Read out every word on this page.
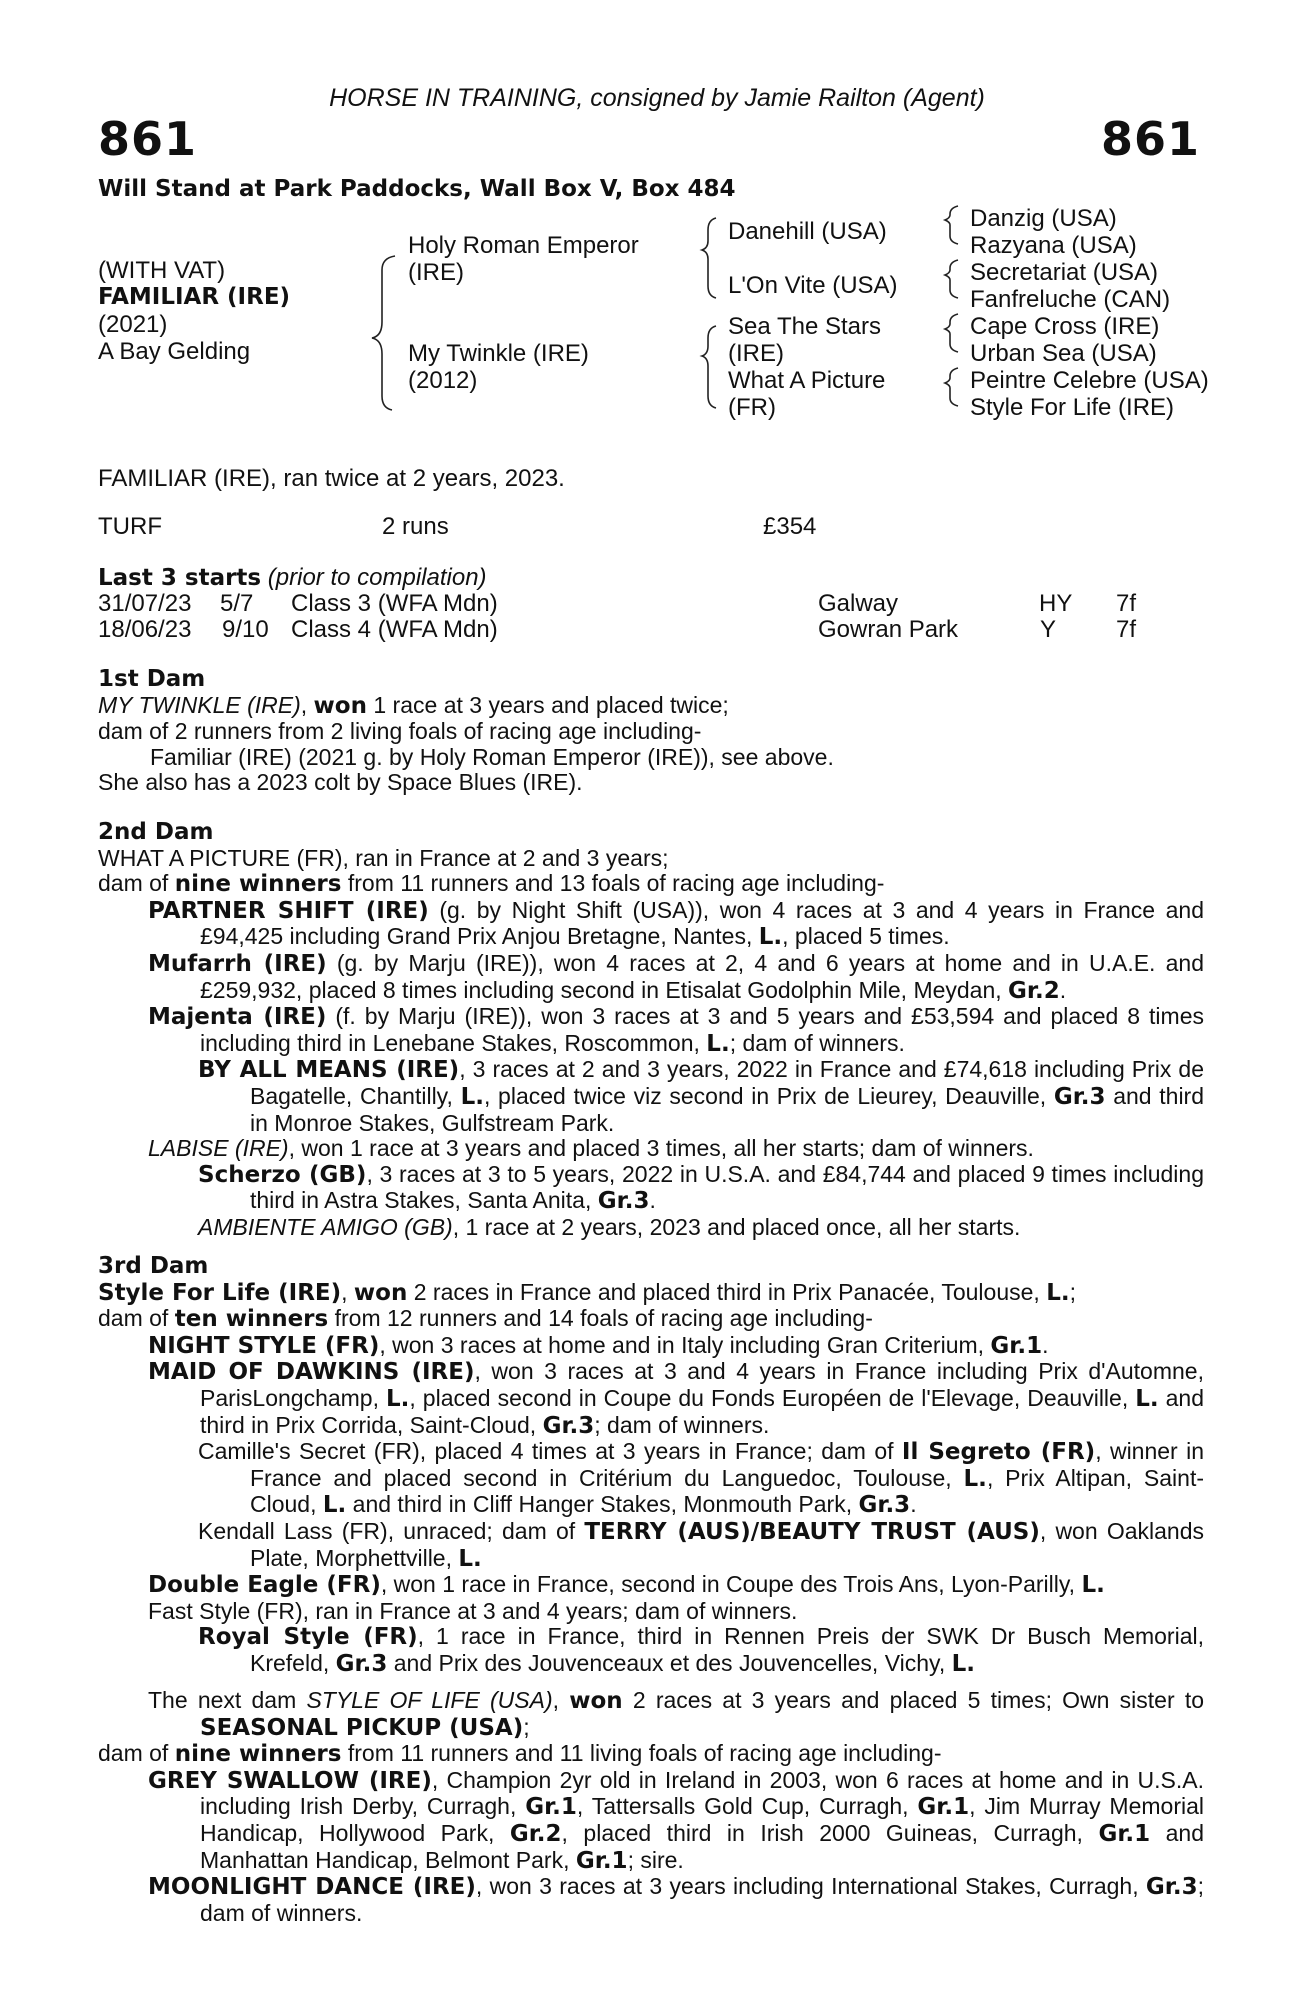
HORSE IN TRAINING, consigned by Jamie Railton (Agent)
861	861
Will Stand at Park Paddocks, Wall Box V, Box 484
(WITH VAT)
FAMILIAR (IRE)
(2021)
A Bay Gelding
Holy Roman Emperor
(IRE)
My Twinkle (IRE)
(2012)
Danehill (USA)
L'On Vite (USA)
Sea The Stars
(IRE)
What A Picture
(FR)
Danzig (USA)
Razyana (USA)
Secretariat (USA)
Fanfreluche (CAN)
Cape Cross (IRE)
Urban Sea (USA)
Peintre Celebre (USA)
Style For Life (IRE)
FAMILIAR (IRE), ran twice at 2 years, 2023.
TURF	2 runs	£354
Last 3 starts (prior to compilation)
31/07/23 5/7 Class 3 (WFA Mdn)	Galway	HY 7f
18/06/23 9/10 Class 4 (WFA Mdn)	Gowran Park	Y 7f

1st Dam

MY TWINKLE (IRE), won 1 race at 3 years and placed twice;

dam of 2 runners from 2 living foals of racing age including-

Familiar (IRE) (2021 g. by Holy Roman Emperor (IRE)), see above.

She also has a 2023 colt by Space Blues (IRE).

2nd Dam

WHAT A PICTURE (FR), ran in France at 2 and 3 years;

dam of nine winners from 11 runners and 13 foals of racing age including-

PARTNER SHIFT (IRE) (g. by Night Shift (USA)), won 4 races at 3 and 4 years in France and £94,425 including Grand Prix Anjou Bretagne, Nantes, L., placed 5 times.

Mufarrh (IRE) (g. by Marju (IRE)), won 4 races at 2, 4 and 6 years at home and in U.A.E. and £259,932, placed 8 times including second in Etisalat Godolphin Mile, Meydan, Gr.2.

Majenta (IRE) (f. by Marju (IRE)), won 3 races at 3 and 5 years and £53,594 and placed 8 times including third in Lenebane Stakes, Roscommon, L.; dam of winners.

BY ALL MEANS (IRE), 3 races at 2 and 3 years, 2022 in France and £74,618 including Prix de Bagatelle, Chantilly, L., placed twice viz second in Prix de Lieurey, Deauville, Gr.3 and third in Monroe Stakes, Gulfstream Park.

LABISE (IRE), won 1 race at 3 years and placed 3 times, all her starts; dam of winners.

Scherzo (GB), 3 races at 3 to 5 years, 2022 in U.S.A. and £84,744 and placed 9 times including third in Astra Stakes, Santa Anita, Gr.3.

AMBIENTE AMIGO (GB), 1 race at 2 years, 2023 and placed once, all her starts.

3rd Dam

Style For Life (IRE), won 2 races in France and placed third in Prix Panacée, Toulouse, L.;

dam of ten winners from 12 runners and 14 foals of racing age including-

NIGHT STYLE (FR), won 3 races at home and in Italy including Gran Criterium, Gr.1.

MAID OF DAWKINS (IRE), won 3 races at 3 and 4 years in France including Prix d'Automne, ParisLongchamp, L., placed second in Coupe du Fonds Européen de l'Elevage, Deauville, L. and third in Prix Corrida, Saint-Cloud, Gr.3; dam of winners.

Camille's Secret (FR), placed 4 times at 3 years in France; dam of Il Segreto (FR), winner in France and placed second in Critérium du Languedoc, Toulouse, L., Prix Altipan, Saint-Cloud, L. and third in Cliff Hanger Stakes, Monmouth Park, Gr.3.

Kendall Lass (FR), unraced; dam of TERRY (AUS)/BEAUTY TRUST (AUS), won Oaklands Plate, Morphettville, L.

Double Eagle (FR), won 1 race in France, second in Coupe des Trois Ans, Lyon-Parilly, L.

Fast Style (FR), ran in France at 3 and 4 years; dam of winners.

Royal Style (FR), 1 race in France, third in Rennen Preis der SWK Dr Busch Memorial, Krefeld, Gr.3 and Prix des Jouvenceaux et des Jouvencelles, Vichy, L.

The next dam STYLE OF LIFE (USA), won 2 races at 3 years and placed 5 times; Own sister to SEASONAL PICKUP (USA);

dam of nine winners from 11 runners and 11 living foals of racing age including-

GREY SWALLOW (IRE), Champion 2yr old in Ireland in 2003, won 6 races at home and in U.S.A. including Irish Derby, Curragh, Gr.1, Tattersalls Gold Cup, Curragh, Gr.1, Jim Murray Memorial Handicap, Hollywood Park, Gr.2, placed third in Irish 2000 Guineas, Curragh, Gr.1 and Manhattan Handicap, Belmont Park, Gr.1; sire.

MOONLIGHT DANCE (IRE), won 3 races at 3 years including International Stakes, Curragh, Gr.3; dam of winners.
